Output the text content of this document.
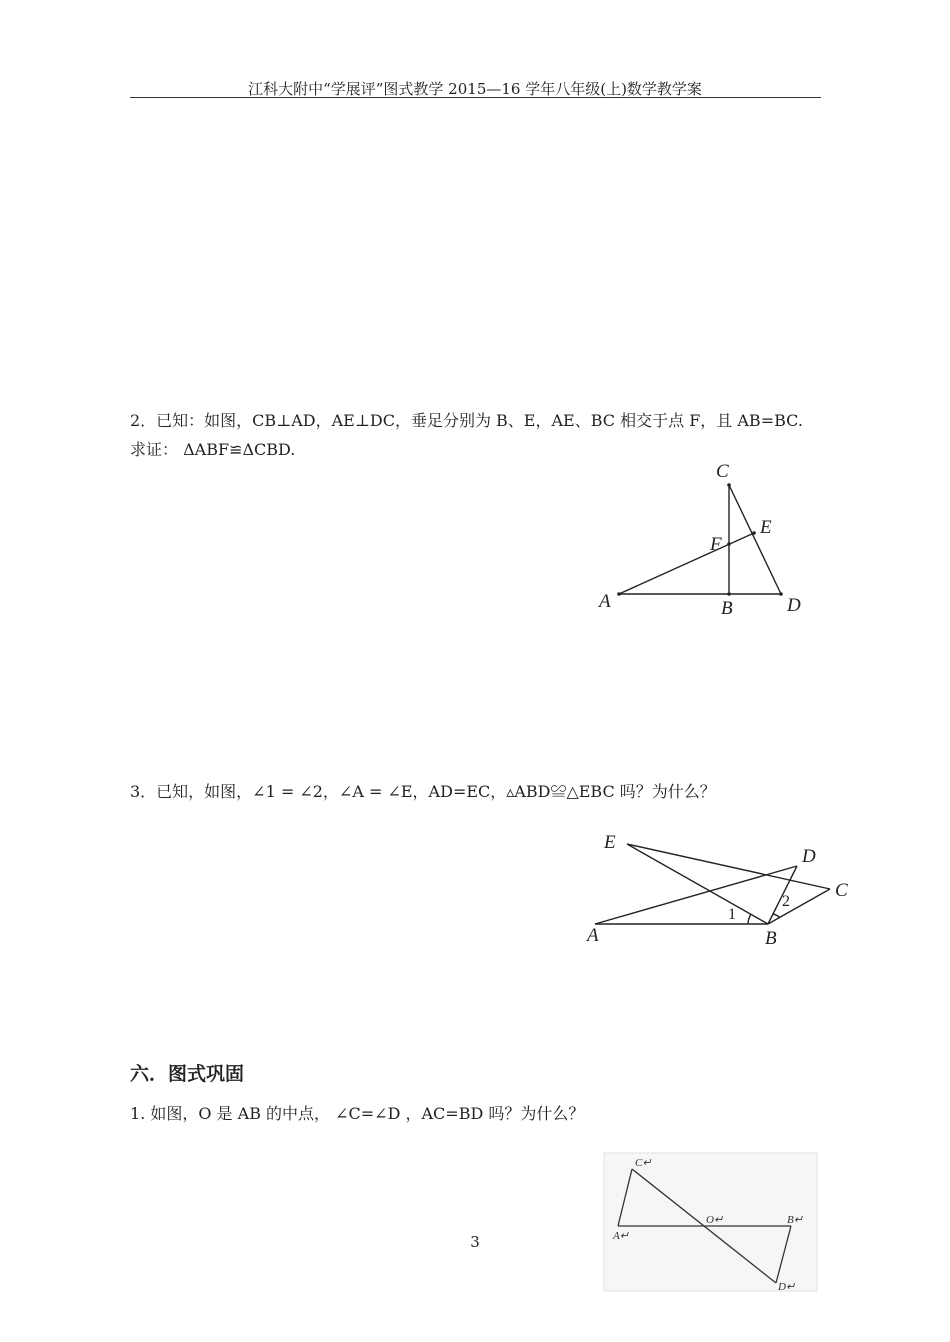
江科大附中“学展评”图式教学 2015—16 学年八年级(上)数学教学案
2．已知：如图，CB⊥AD，AE⊥DC，垂足分别为 B、E，AE、BC 相交于点 F，且 AB=BC.
求证： ΔABF≌ΔCBD.
C
E
F
A	B	D
3．已知，如图，∠1 = ∠2，∠A = ∠E，AD=EC，▵ABD≌△EBC 吗？为什么？
E
D
C
A	B
1
2
六．图式巩固
1. 如图，O 是 AB 的中点， ∠C=∠D ，AC=BD 吗？为什么？
C↵
O↵	B↵
A↵
D↵
3
